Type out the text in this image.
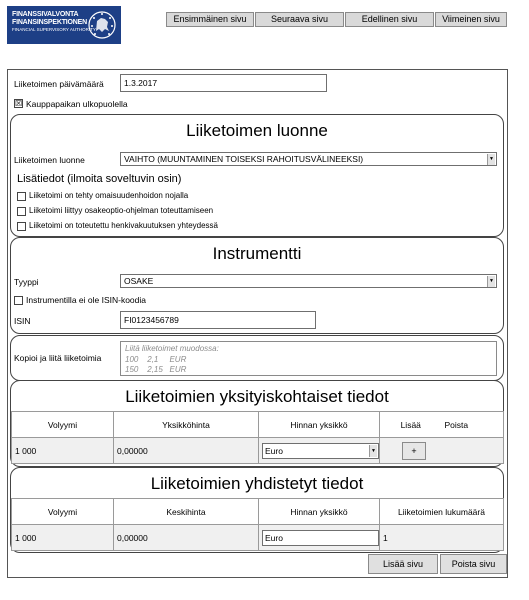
FINANSSIVALVONTA
FINANSINSPEKTIONEN
FINANCIAL SUPERVISORY AUTHORITY
Ensimmäinen sivu	Seuraava sivu	Edellinen sivu	Viimeinen sivu
Liiketoimen päivämäärä	1.3.2017
☒ Kauppapaikan ulkopuolella
Liiketoimen luonne
Liiketoimen luonne	VAIHTO (MUUNTAMINEN TOISEKSI RAHOITUSVÄLINEEKSI)	▼
Lisätiedot (ilmoita soveltuvin osin)
Liiketoimi on tehty omaisuudenhoidon nojalla
Liiketoimi liittyy osakeoptio-ohjelman toteuttamiseen
Liiketoimi on toteutettu henkivakuutuksen yhteydessä
Instrumentti
Tyyppi	OSAKE	▼
Instrumentilla ei ole ISIN-koodia
ISIN	FI0123456789
Kopioi ja liitä liiketoimia
Liitä liiketoimet muodossa:
100    2,1     EUR
150    2,15   EUR
Liiketoimien yksityiskohtaiset tiedot
Volyymi	Yksikköhinta	Hinnan yksikkö	Lisää	Poista
1 000	0,00000	Euro ▼	+	

Liiketoimien yhdistetyt tiedot
Volyymi	Keskihinta	Hinnan yksikkö	Liiketoimien lukumäärä
1 000	0,00000	Euro	1
Lisää sivu	Poista sivu
